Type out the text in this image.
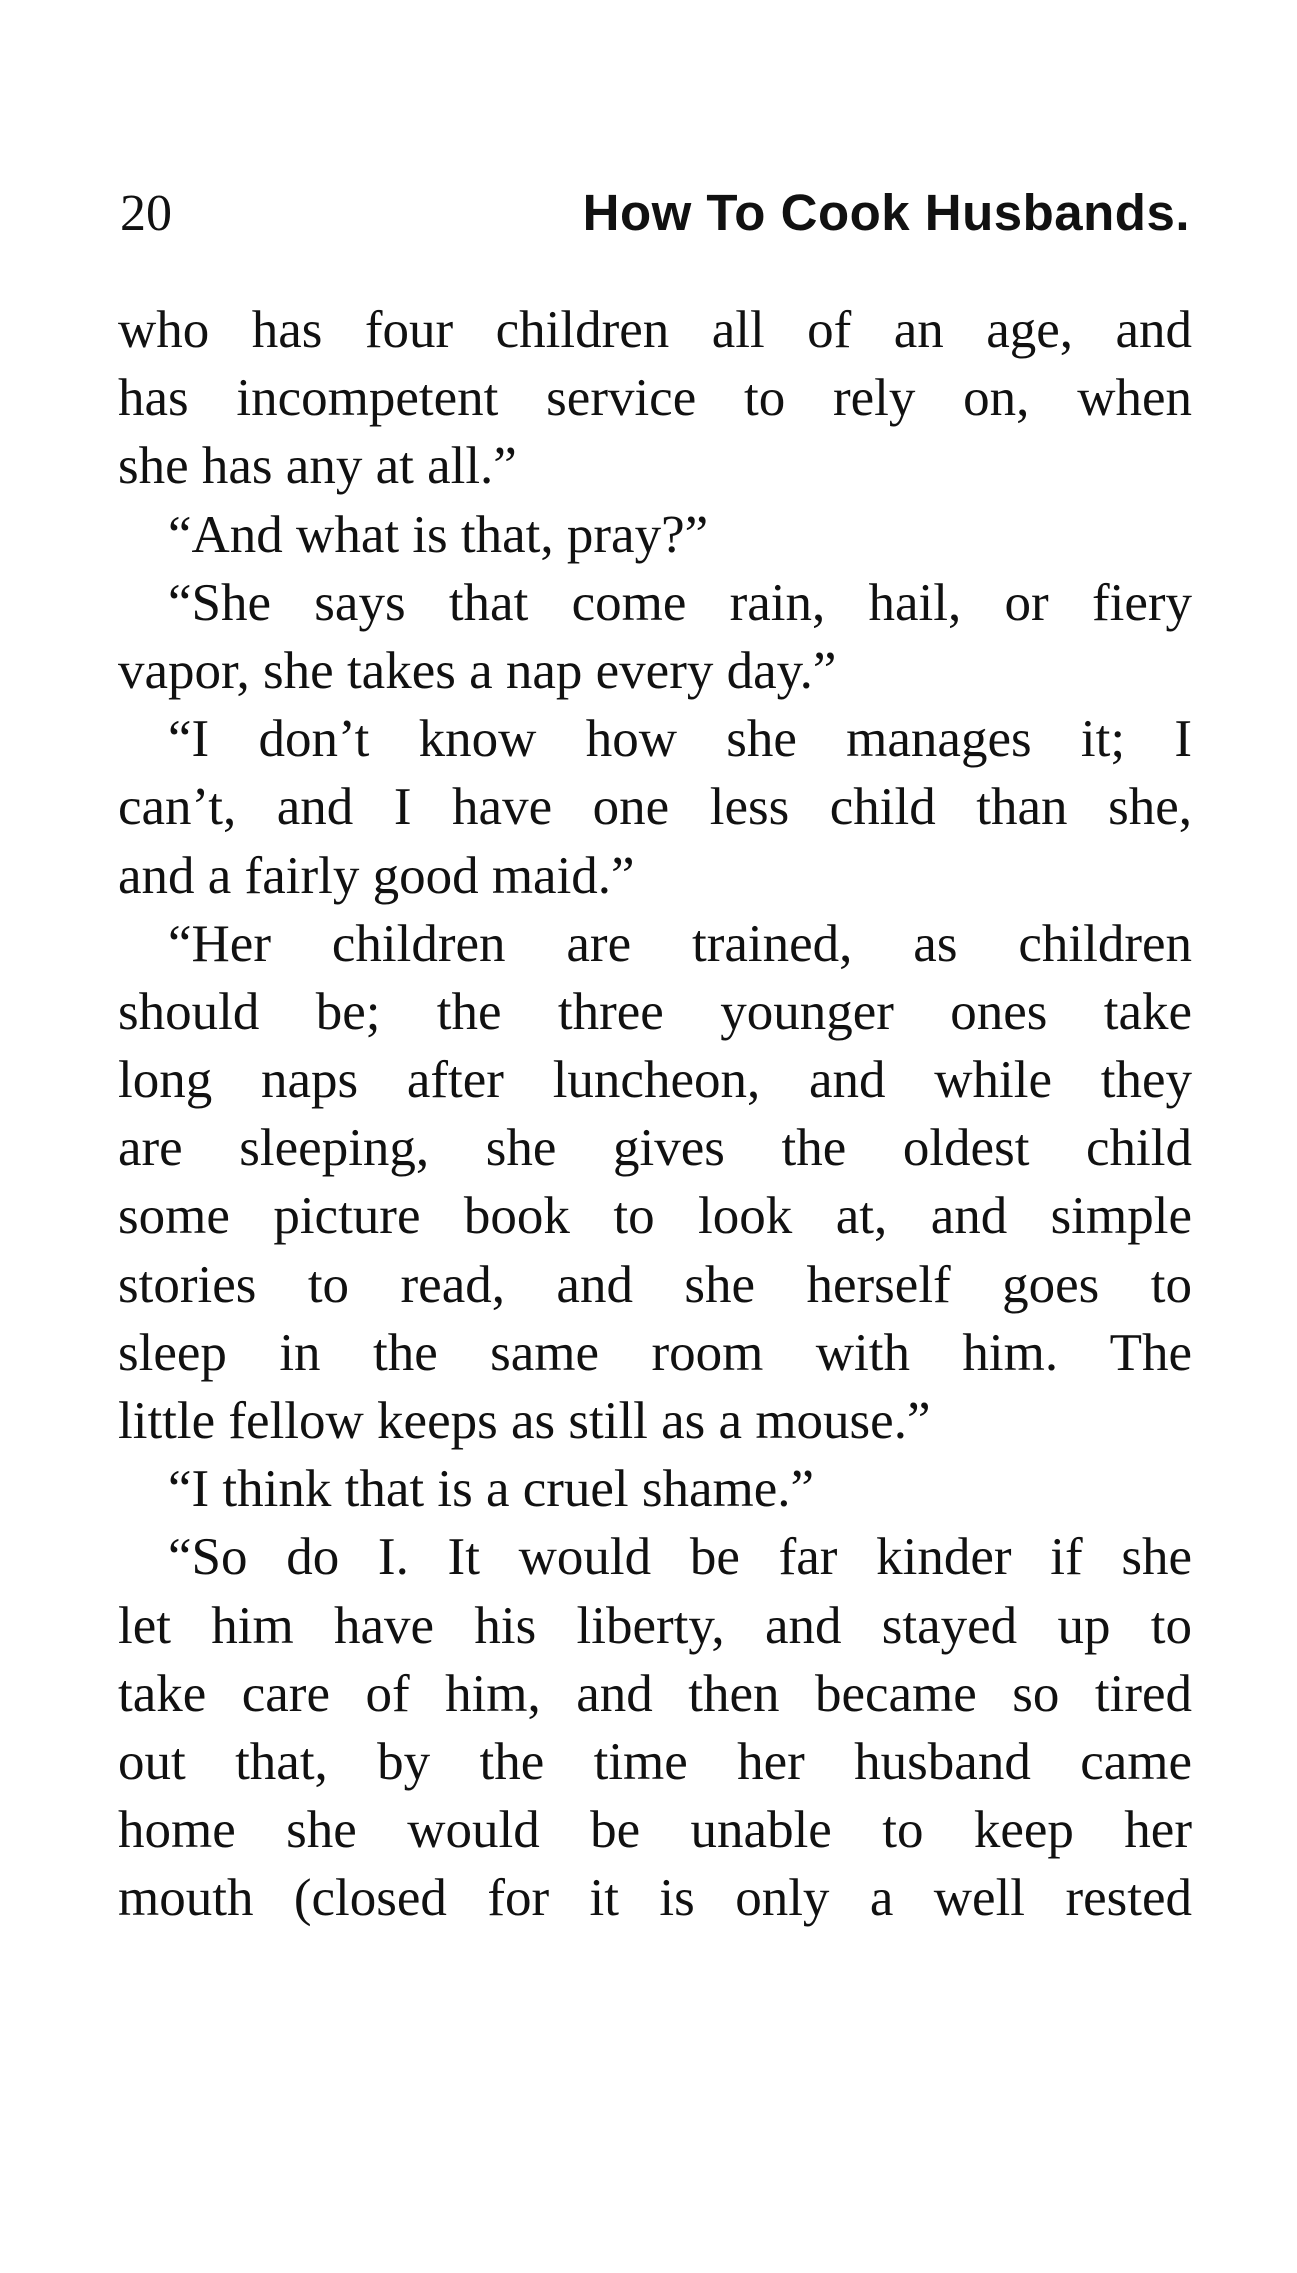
20	How To Cook Husbands.
who has four children all of an age, and
has incompetent service to rely on, when
she has any at all.”
“And what is that, pray?”
“She says that come rain, hail, or fiery
vapor, she takes a nap every day.”
“I don’t know how she manages it; I
can’t, and I have one less child than she,
and a fairly good maid.”
“Her children are trained, as children
should be; the three younger ones take
long naps after luncheon, and while they
are sleeping, she gives the oldest child
some picture book to look at, and simple
stories to read, and she herself goes to
sleep in the same room with him. The
little fellow keeps as still as a mouse.”
“I think that is a cruel shame.”
“So do I. It would be far kinder if she
let him have his liberty, and stayed up to
take care of him, and then became so tired
out that, by the time her husband came
home she would be unable to keep her
mouth (closed for it is only a well rested
